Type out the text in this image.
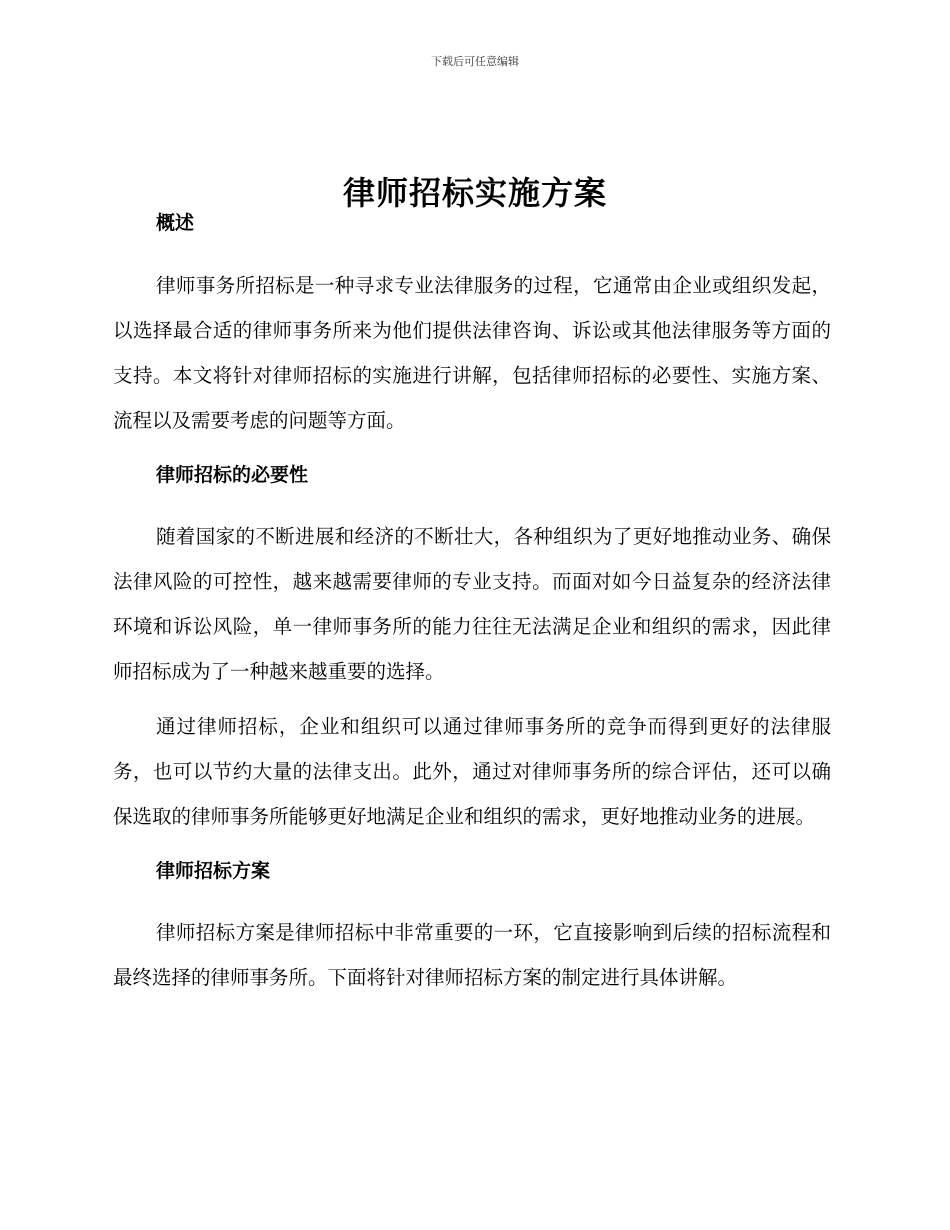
下载后可任意编辑
律师招标实施方案
概述

律师事务所招标是一种寻求专业法律服务的过程，它通常由企业或组织发起，以选择最合适的律师事务所来为他们提供法律咨询、诉讼或其他法律服务等方面的支持。本文将针对律师招标的实施进行讲解，包括律师招标的必要性、实施方案、流程以及需要考虑的问题等方面。

律师招标的必要性

随着国家的不断进展和经济的不断壮大，各种组织为了更好地推动业务、确保法律风险的可控性，越来越需要律师的专业支持。而面对如今日益复杂的经济法律环境和诉讼风险，单一律师事务所的能力往往无法满足企业和组织的需求，因此律师招标成为了一种越来越重要的选择。

通过律师招标，企业和组织可以通过律师事务所的竞争而得到更好的法律服务，也可以节约大量的法律支出。此外，通过对律师事务所的综合评估，还可以确保选取的律师事务所能够更好地满足企业和组织的需求，更好地推动业务的进展。

律师招标方案

律师招标方案是律师招标中非常重要的一环，它直接影响到后续的招标流程和最终选择的律师事务所。下面将针对律师招标方案的制定进行具体讲解。
